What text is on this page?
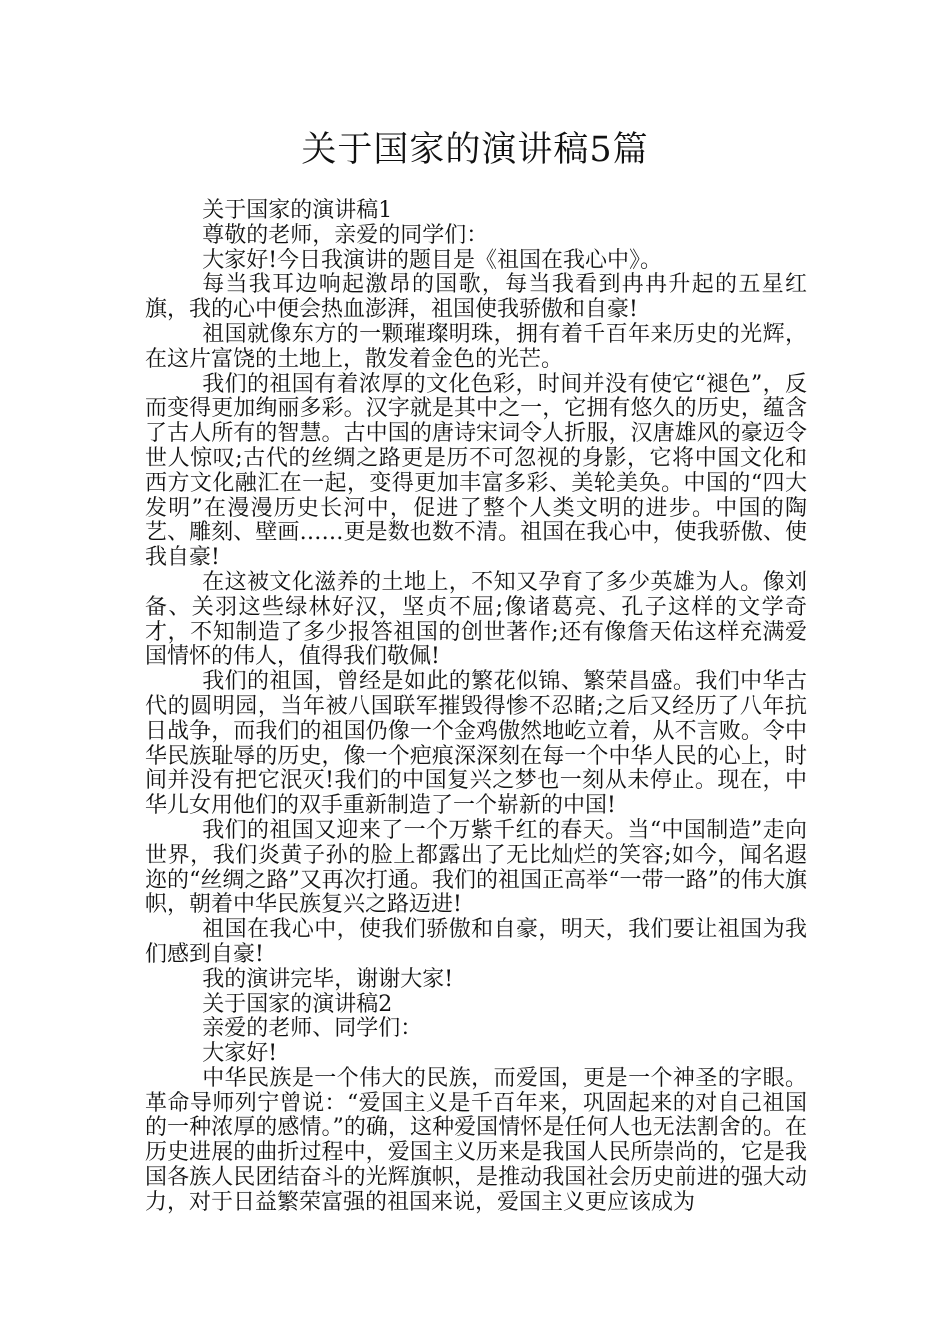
关于国家的演讲稿5篇

关于国家的演讲稿1

尊敬的老师，亲爱的同学们：

大家好!今日我演讲的题目是《祖国在我心中》。

每当我耳边响起激昂的国歌，每当我看到冉冉升起的五星红旗，我的心中便会热血澎湃，祖国使我骄傲和自豪!

祖国就像东方的一颗璀璨明珠，拥有着千百年来历史的光辉，在这片富饶的土地上，散发着金色的光芒。

我们的祖国有着浓厚的文化色彩，时间并没有使它“褪色”，反而变得更加绚丽多彩。汉字就是其中之一，它拥有悠久的历史，蕴含了古人所有的智慧。古中国的唐诗宋词令人折服，汉唐雄风的豪迈令世人惊叹;古代的丝绸之路更是历不可忽视的身影，它将中国文化和西方文化融汇在一起，变得更加丰富多彩、美轮美奂。中国的“四大发明”在漫漫历史长河中，促进了整个人类文明的进步。中国的陶艺、雕刻、壁画……更是数也数不清。祖国在我心中，使我骄傲、使我自豪!

在这被文化滋养的土地上，不知又孕育了多少英雄为人。像刘备、关羽这些绿林好汉，坚贞不屈;像诸葛亮、孔子这样的文学奇才，不知制造了多少报答祖国的创世著作;还有像詹天佑这样充满爱国情怀的伟人，值得我们敬佩!

我们的祖国，曾经是如此的繁花似锦、繁荣昌盛。我们中华古代的圆明园，当年被八国联军摧毁得惨不忍睹;之后又经历了八年抗日战争，而我们的祖国仍像一个金鸡傲然地屹立着，从不言败。令中华民族耻辱的历史，像一个疤痕深深刻在每一个中华人民的心上，时间并没有把它泯灭!我们的中国复兴之梦也一刻从未停止。现在，中华儿女用他们的双手重新制造了一个崭新的中国!

我们的祖国又迎来了一个万紫千红的春天。当“中国制造”走向世界，我们炎黄子孙的脸上都露出了无比灿烂的笑容;如今，闻名遐迩的“丝绸之路”又再次打通。我们的祖国正高举“一带一路”的伟大旗帜，朝着中华民族复兴之路迈进!

祖国在我心中，使我们骄傲和自豪，明天，我们要让祖国为我们感到自豪!

我的演讲完毕，谢谢大家!

关于国家的演讲稿2

亲爱的老师、同学们：

大家好!

中华民族是一个伟大的民族，而爱国，更是一个神圣的字眼。革命导师列宁曾说：“爱国主义是千百年来，巩固起来的对自己祖国的一种浓厚的感情。”的确，这种爱国情怀是任何人也无法割舍的。在历史进展的曲折过程中，爱国主义历来是我国人民所崇尚的，它是我国各族人民团结奋斗的光辉旗帜，是推动我国社会历史前进的强大动力，对于日益繁荣富强的祖国来说，爱国主义更应该成为
